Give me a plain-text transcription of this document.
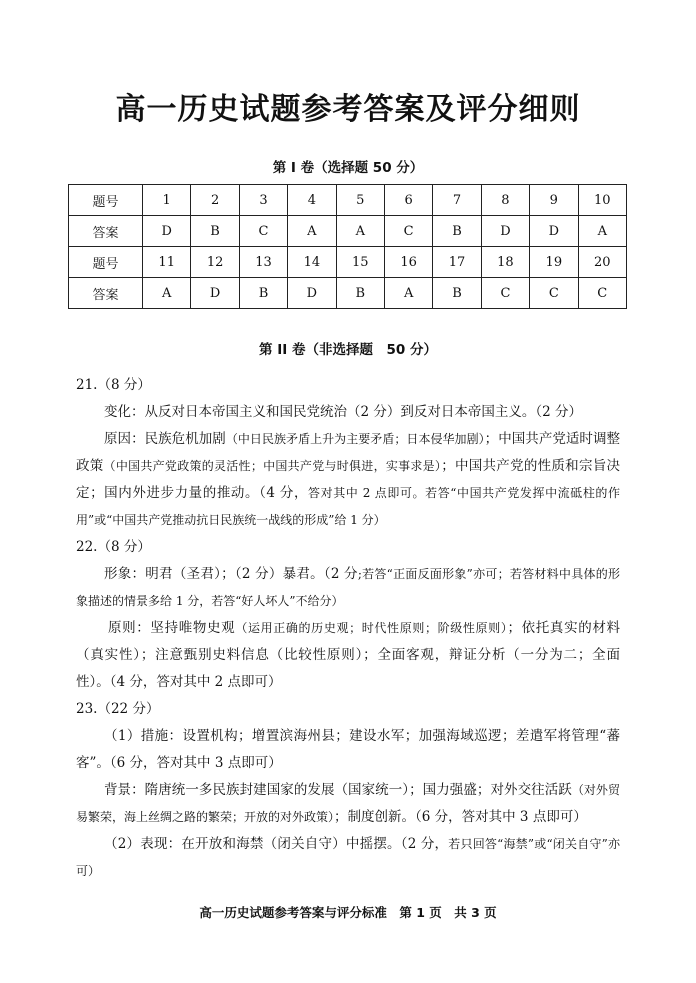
高一历史试题参考答案及评分细则
第 I 卷（选择题 50 分）
题号	1	2	3	4	5	6	7	8	9	10
答案	D	B	C	A	A	C	B	D	D	A
题号	11	12	13	14	15	16	17	18	19	20
答案	A	D	B	D	B	A	B	C	C	C
第 II 卷（非选择题　50 分）

21.（8 分）

变化：从反对日本帝国主义和国民党统治（2 分）到反对日本帝国主义。（2 分）

原因：民族危机加剧（中日民族矛盾上升为主要矛盾；日本侵华加剧）；中国共产党适时调整政策（中国共产党政策的灵活性；中国共产党与时俱进，实事求是）；中国共产党的性质和宗旨决定；国内外进步力量的推动。（4 分，答对其中 2 点即可。若答“中国共产党发挥中流砥柱的作用”或“中国共产党推动抗日民族统一战线的形成”给 1 分）

22.（8 分）

形象：明君（圣君）；（2 分）暴君。（2 分;若答“正面反面形象”亦可；若答材料中具体的形象描述的情景多给 1 分，若答“好人坏人”不给分）

原则：坚持唯物史观（运用正确的历史观；时代性原则；阶级性原则）；依托真实的材料（真实性）；注意甄别史料信息（比较性原则）；全面客观，辩证分析（一分为二；全面性）。（4 分，答对其中 2 点即可）

23.（22 分）

（1）措施：设置机构；增置滨海州县；建设水军；加强海域巡逻；差遣军将管理“蕃客”。（6 分，答对其中 3 点即可）

背景：隋唐统一多民族封建国家的发展（国家统一）；国力强盛；对外交往活跃（对外贸易繁荣，海上丝绸之路的繁荣；开放的对外政策）；制度创新。（6 分，答对其中 3 点即可）

（2）表现：在开放和海禁（闭关自守）中摇摆。（2 分，若只回答“海禁”或“闭关自守”亦可）

高一历史试题参考答案与评分标准　第 1 页　共 3 页
